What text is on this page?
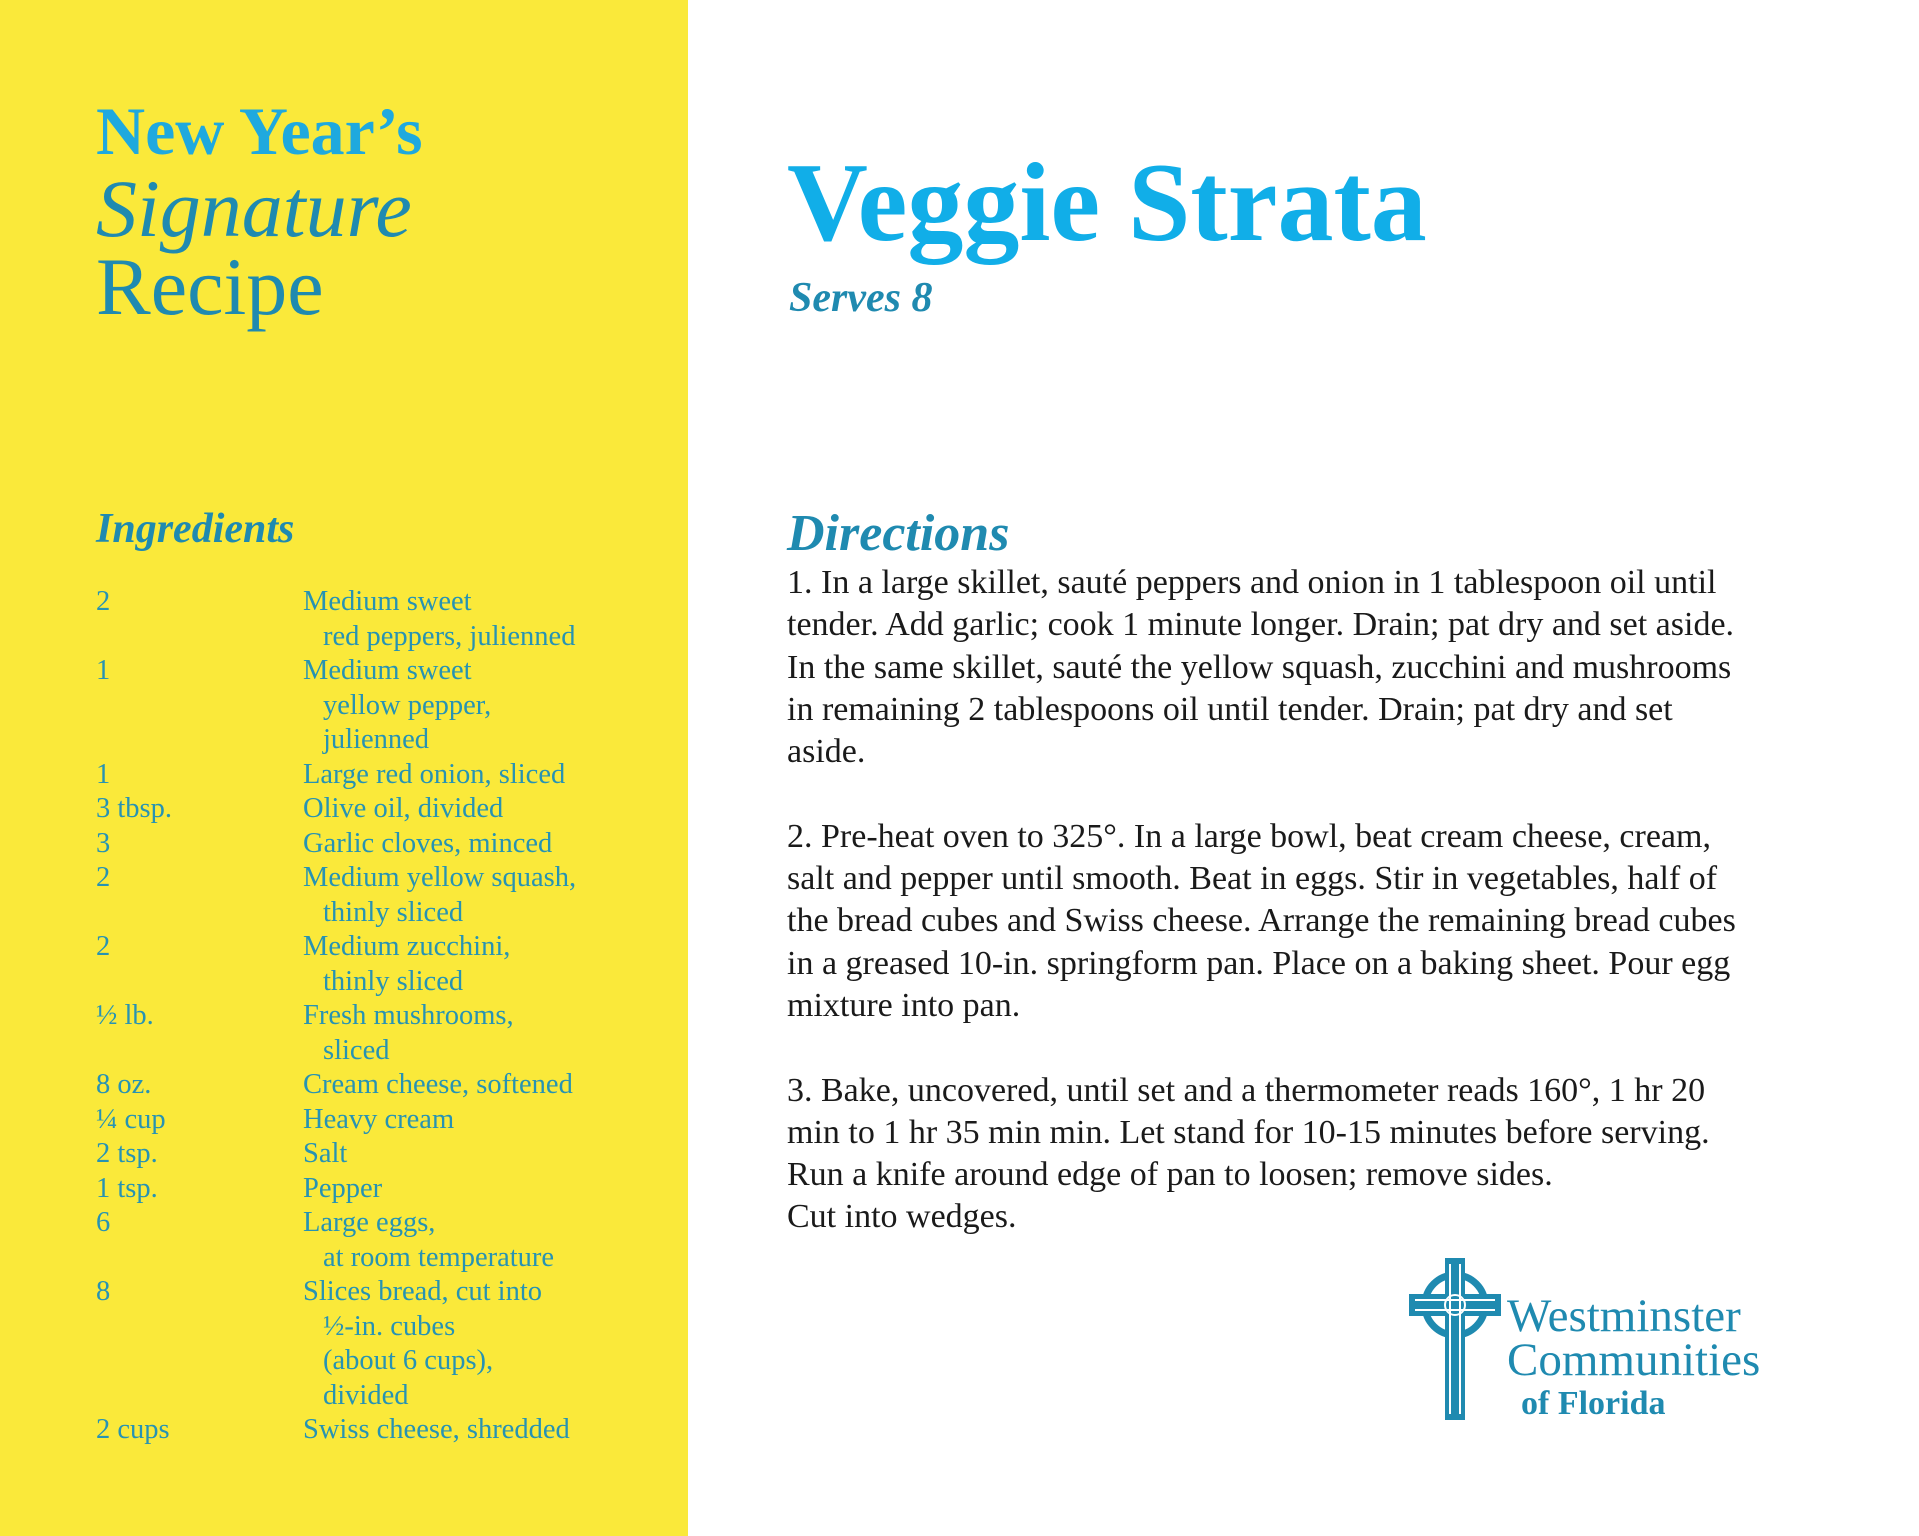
New Year’s
Signature
Recipe
Ingredients
2	Medium sweet
red peppers, julienned
1	Medium sweet
yellow pepper,
julienned
1	Large red onion, sliced
3 tbsp.	Olive oil, divided
3	Garlic cloves, minced
2	Medium yellow squash,
thinly sliced
2	Medium zucchini,
thinly sliced
½ lb.	Fresh mushrooms,
sliced
8 oz.	Cream cheese, softened
¼ cup	Heavy cream
2 tsp.	Salt
1 tsp.	Pepper
6	Large eggs,
at room temperature
8	Slices bread, cut into
½-in. cubes
(about 6 cups),
divided
2 cups	Swiss cheese, shredded
Veggie Strata
Serves 8
Directions

1. In a large skillet, sauté peppers and onion in 1 tablespoon oil until
tender. Add garlic; cook 1 minute longer. Drain; pat dry and set aside.
In the same skillet, sauté the yellow squash, zucchini and mushrooms
in remaining 2 tablespoons oil until tender. Drain; pat dry and set
aside.

2. Pre-heat oven to 325°. In a large bowl, beat cream cheese, cream,
salt and pepper until smooth. Beat in eggs. Stir in vegetables, half of
the bread cubes and Swiss cheese. Arrange the remaining bread cubes
in a greased 10-in. springform pan. Place on a baking sheet. Pour egg
mixture into pan.

3. Bake, uncovered, until set and a thermometer reads 160°, 1 hr 20
min to 1 hr 35 min min. Let stand for 10-15 minutes before serving.
Run a knife around edge of pan to loosen; remove sides.
Cut into wedges.

Westminster
Communities
of Florida
